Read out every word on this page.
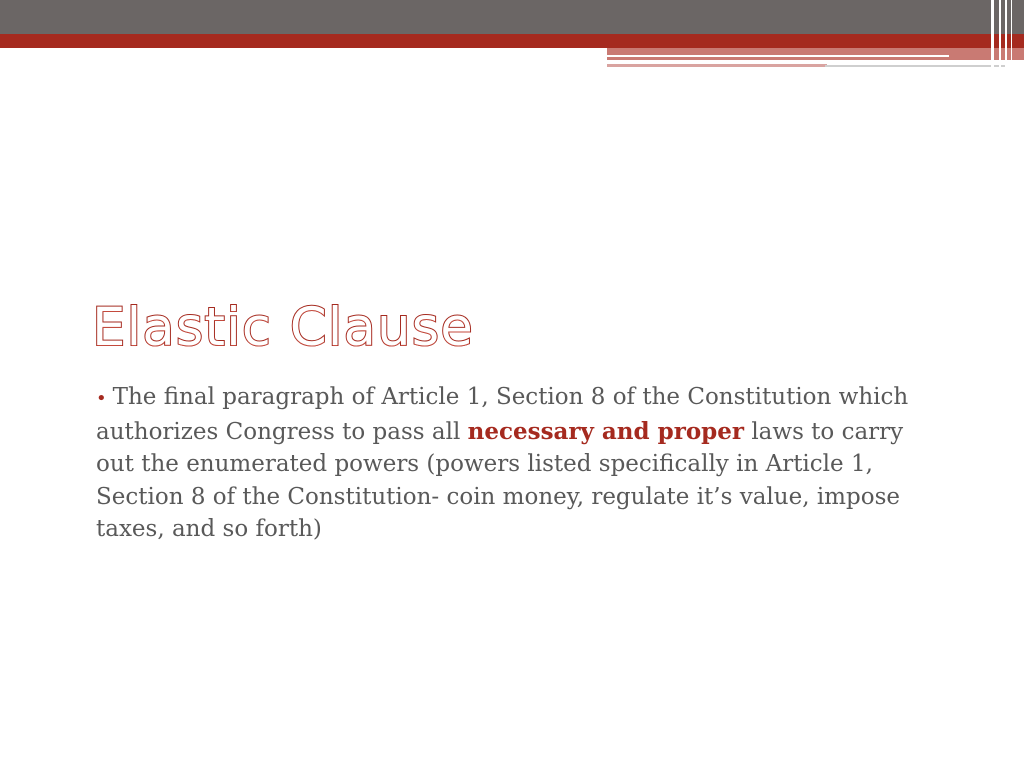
Elastic Clause

• The final paragraph of Article 1, Section 8 of the Constitution which authorizes Congress to pass all necessary and proper laws to carry out the enumerated powers (powers listed specifically in Article 1, Section 8 of the Constitution- coin money, regulate it’s value, impose taxes, and so forth)
